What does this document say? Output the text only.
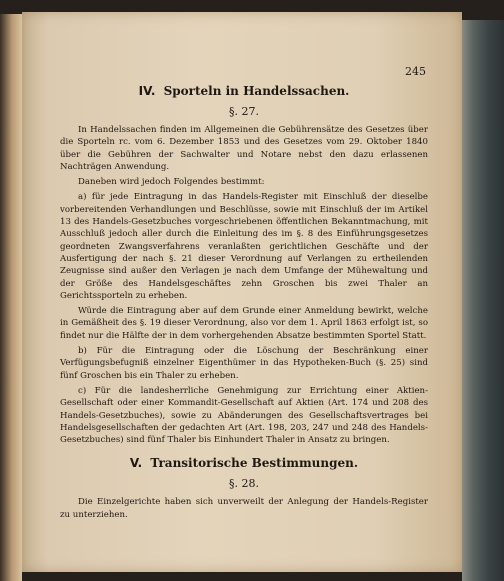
245
IV. Sporteln in Handelssachen.
§. 27.

In Handelssachen finden im Allgemeinen die Gebührensätze des Gesetzes über die Sporteln rc. vom 6. Dezember 1853 und des Gesetzes vom 29. Oktober 1840 über die Gebühren der Sachwalter und Notare nebst den dazu erlassenen Nachträgen Anwendung.

Daneben wird jedoch Folgendes bestimmt:

a) für jede Eintragung in das Handels-Register mit Einschluß der dieselbe vorbereitenden Verhandlungen und Beschlüsse, sowie mit Einschluß der im Artikel 13 des Handels-Gesetzbuches vorgeschriebenen öffentlichen Bekanntmachung, mit Ausschluß jedoch aller durch die Einleitung des im §. 8 des Einführungsgesetzes geordneten Zwangsverfahrens veranlaßten gerichtlichen Geschäfte und der Ausfertigung der nach §. 21 dieser Verordnung auf Verlangen zu ertheilenden Zeugnisse sind außer den Verlagen je nach dem Umfange der Mühewaltung und der Größe des Handelsgeschäftes zehn Groschen bis zwei Thaler an Gerichtssporteln zu erheben.

Würde die Eintragung aber auf dem Grunde einer Anmeldung bewirkt, welche in Gemäßheit des §. 19 dieser Verordnung, also vor dem 1. April 1863 erfolgt ist, so findet nur die Hälfte der in dem vorhergehenden Absatze bestimmten Sportel Statt.

b) Für die Eintragung oder die Löschung der Beschränkung einer Verfügungsbefugniß einzelner Eigenthümer in das Hypotheken-Buch (§. 25) sind fünf Groschen bis ein Thaler zu erheben.

c) Für die landesherrliche Genehmigung zur Errichtung einer Aktien-Gesellschaft oder einer Kommandit-Gesellschaft auf Aktien (Art. 174 und 208 des Handels-Gesetzbuches), sowie zu Abänderungen des Gesellschaftsvertrages bei Handelsgesellschaften der gedachten Art (Art. 198, 203, 247 und 248 des Handels-Gesetzbuches) sind fünf Thaler bis Einhundert Thaler in Ansatz zu bringen.

V. Transitorische Bestimmungen.
§. 28.

Die Einzelgerichte haben sich unverweilt der Anlegung der Handels-Register zu unterziehen.
